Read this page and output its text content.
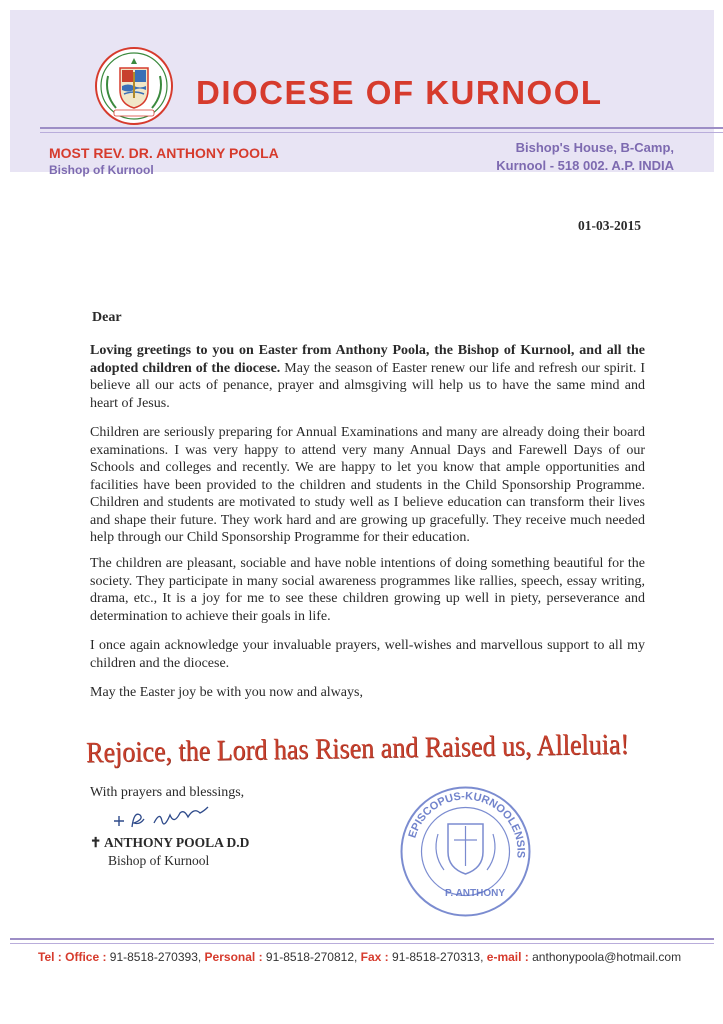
DIOCESE OF KURNOOL
MOST REV. DR. ANTHONY POOLA
Bishop of Kurnool
Bishop's House, B-Camp,
Kurnool - 518 002. A.P. INDIA
01-03-2015
Dear
Loving greetings to you on Easter from Anthony Poola, the Bishop of Kurnool, and all the adopted children of the diocese. May the season of Easter renew our life and refresh our spirit. I believe all our acts of penance, prayer and almsgiving will help us to have the same mind and heart of Jesus.
Children are seriously preparing for Annual Examinations and many are already doing their board examinations. I was very happy to attend very many Annual Days and Farewell Days of our Schools and colleges and recently. We are happy to let you know that ample opportunities and facilities have been provided to the children and students in the Child Sponsorship Programme. Children and students are motivated to study well as I believe education can transform their lives and shape their future. They work hard and are growing up gracefully. They receive much needed help through our Child Sponsorship Programme for their education.
The children are pleasant, sociable and have noble intentions of doing something beautiful for the society. They participate in many social awareness programmes like rallies, speech, essay writing, drama, etc., It is a joy for me to see these children growing up well in piety, perseverance and determination to achieve their goals in life.
I once again acknowledge your invaluable prayers, well-wishes and marvellous support to all my children and the diocese.
May the Easter joy be with you now and always,
Rejoice, the Lord has Risen and Raised us, Alleluia!
With prayers and blessings,
✝ ANTHONY POOLA D.D
Bishop of Kurnool
EPISCOPUS-KURNOOLENSIS
P. ANTHONY
Tel : Office : 91-8518-270393, Personal : 91-8518-270812, Fax : 91-8518-270313, e-mail : anthonypoola@hotmail.com
